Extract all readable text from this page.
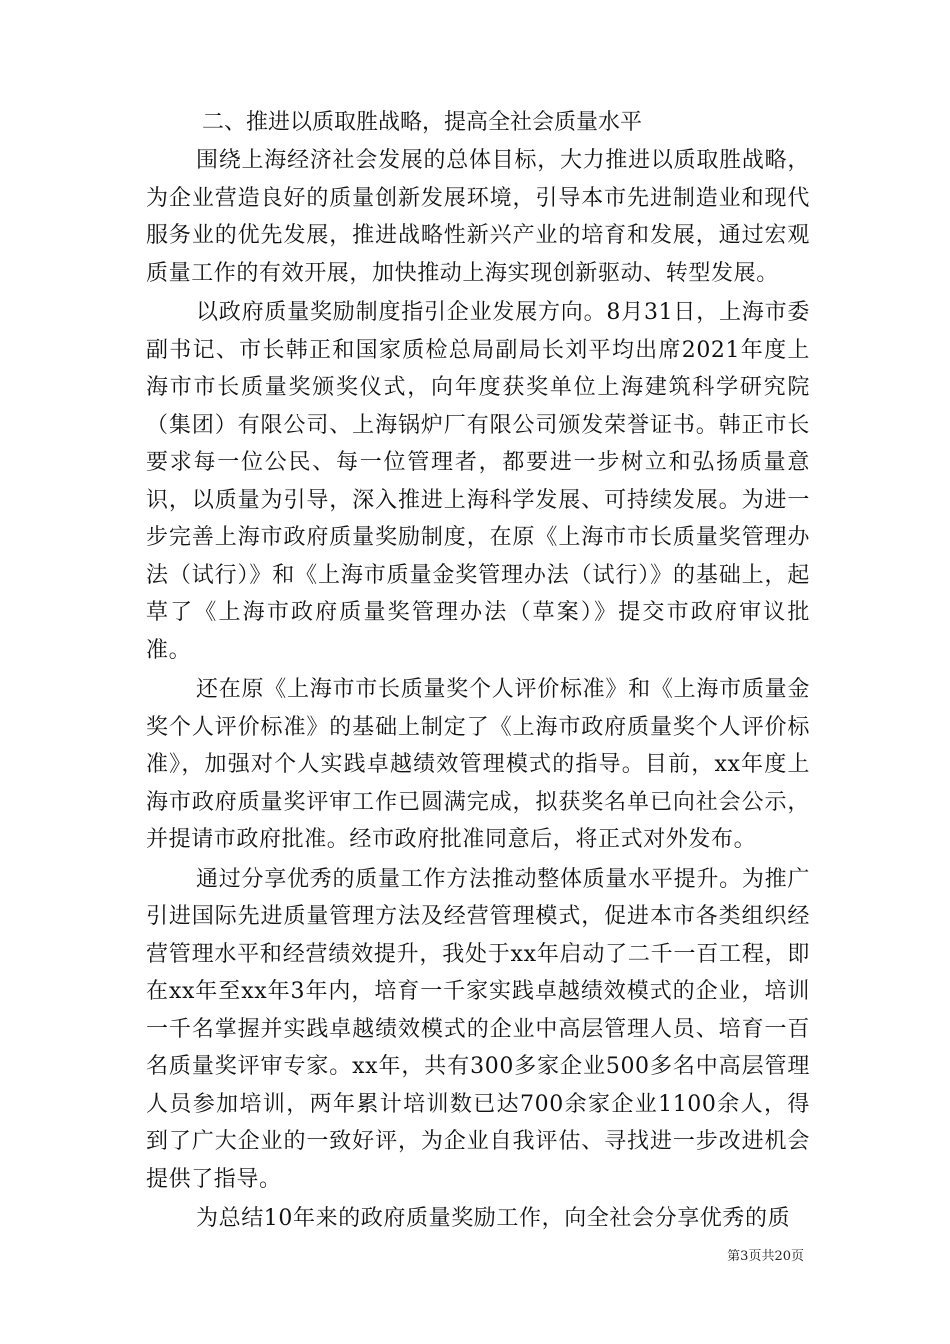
二、推进以质取胜战略，提高全社会质量水平

围绕上海经济社会发展的总体目标，大力推进以质取胜战略，为企业营造良好的质量创新发展环境，引导本市先进制造业和现代服务业的优先发展，推进战略性新兴产业的培育和发展，通过宏观质量工作的有效开展，加快推动上海实现创新驱动、转型发展。

以政府质量奖励制度指引企业发展方向。8月31日，上海市委副书记、市长韩正和国家质检总局副局长刘平均出席2021年度上海市市长质量奖颁奖仪式，向年度获奖单位上海建筑科学研究院（集团）有限公司、上海锅炉厂有限公司颁发荣誉证书。韩正市长要求每一位公民、每一位管理者，都要进一步树立和弘扬质量意识，以质量为引导，深入推进上海科学发展、可持续发展。为进一步完善上海市政府质量奖励制度，在原《上海市市长质量奖管理办法（试行）》和《上海市质量金奖管理办法（试行）》的基础上，起草了《上海市政府质量奖管理办法（草案）》提交市政府审议批准。

还在原《上海市市长质量奖个人评价标准》和《上海市质量金奖个人评价标准》的基础上制定了《上海市政府质量奖个人评价标准》，加强对个人实践卓越绩效管理模式的指导。目前，xx年度上海市政府质量奖评审工作已圆满完成，拟获奖名单已向社会公示，并提请市政府批准。经市政府批准同意后，将正式对外发布。

通过分享优秀的质量工作方法推动整体质量水平提升。为推广引进国际先进质量管理方法及经营管理模式，促进本市各类组织经营管理水平和经营绩效提升，我处于xx年启动了二千一百工程，即在xx年至xx年3年内，培育一千家实践卓越绩效模式的企业，培训一千名掌握并实践卓越绩效模式的企业中高层管理人员、培育一百名质量奖评审专家。xx年，共有300多家企业500多名中高层管理人员参加培训，两年累计培训数已达700余家企业1100余人，得到了广大企业的一致好评，为企业自我评估、寻找进一步改进机会提供了指导。

为总结10年来的政府质量奖励工作，向全社会分享优秀的质

第3页共20页
